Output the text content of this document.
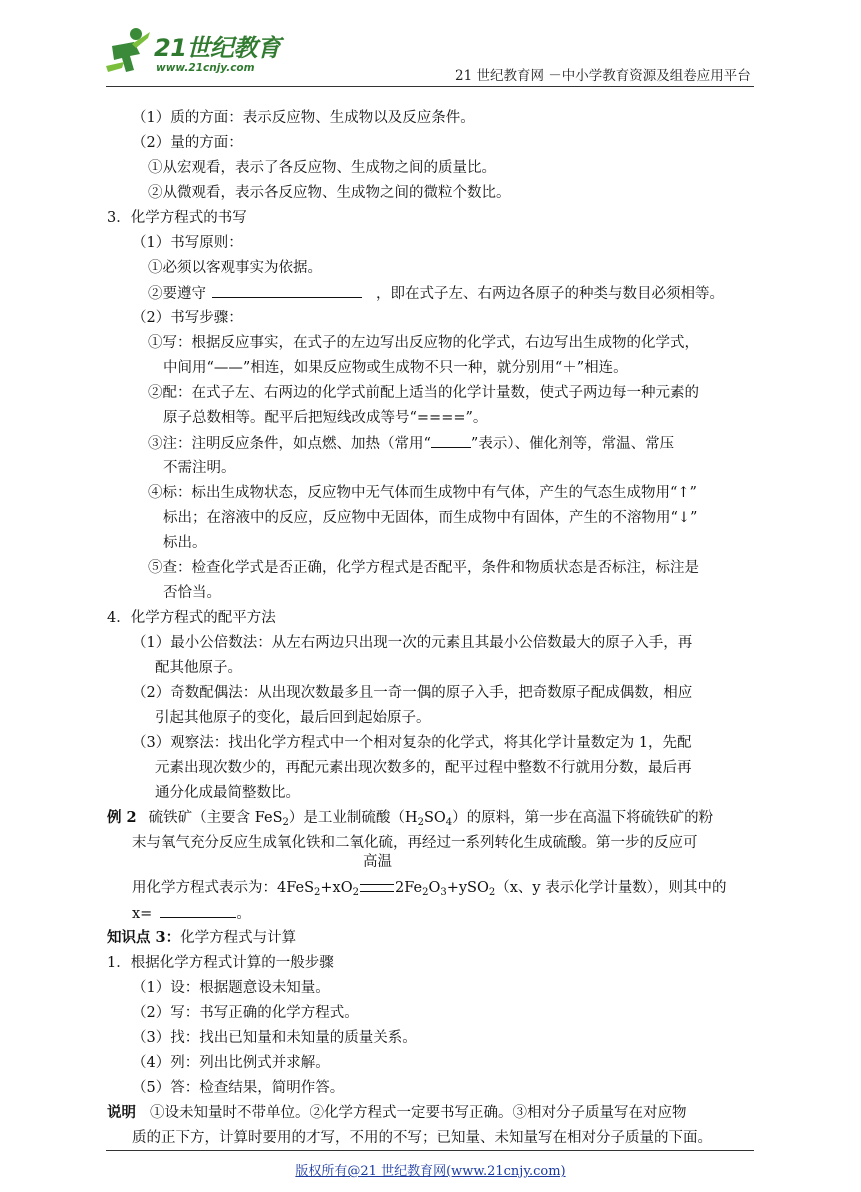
21世纪教育
www.21cnjy.com	21 世纪教育网 －中小学教育资源及组卷应用平台
（1）质的方面：表示反应物、生成物以及反应条件。
（2）量的方面：
①从宏观看，表示了各反应物、生成物之间的质量比。
②从微观看，表示各反应物、生成物之间的微粒个数比。
3．化学方程式的书写
（1）书写原则：
①必须以客观事实为依据。
②要遵守	，即在式子左、右两边各原子的种类与数目必须相等。
（2）书写步骤：
①写：根据反应事实，在式子的左边写出反应物的化学式，右边写出生成物的化学式，
中间用“——”相连，如果反应物或生成物不只一种，就分别用“＋”相连。
②配：在式子左、右两边的化学式前配上适当的化学计量数，使式子两边每一种元素的
原子总数相等。配平后把短线改成等号“====”。
③注：注明反应条件，如点燃、加热（常用“	”表示）、催化剂等，常温、常压
不需注明。
④标：标出生成物状态，反应物中无气体而生成物中有气体，产生的气态生成物用“↑”
标出；在溶液中的反应，反应物中无固体，而生成物中有固体，产生的不溶物用“↓”
标出。
⑤查：检查化学式是否正确，化学方程式是否配平，条件和物质状态是否标注，标注是
否恰当。
4．化学方程式的配平方法
（1）最小公倍数法：从左右两边只出现一次的元素且其最小公倍数最大的原子入手，再
配其他原子。
（2）奇数配偶法：从出现次数最多且一奇一偶的原子入手，把奇数原子配成偶数，相应
引起其他原子的变化，最后回到起始原子。
（3）观察法：找出化学方程式中一个相对复杂的化学式，将其化学计量数定为 1，先配
元素出现次数少的，再配元素出现次数多的，配平过程中整数不行就用分数，最后再
通分化成最简整数比。
例 2 硫铁矿（主要含 FeS$_2$）是工业制硫酸$(H_2SO_4)$的原料，第一步在高温下将硫铁矿的粉
末与氧气充分反应生成氧化铁和二氧化硫，再经过一系列转化生成硫酸。第一步的反应可
用化学方程式表示为：$4FeS_2+xO_2$
高温
$2Fe_2O_3+ySO_2(x$、y 表示化学计量数），则其中的
x=	。
知识点 3：化学方程式与计算
1．根据化学方程式计算的一般步骤
（1）设：根据题意设未知量。
（2）写：书写正确的化学方程式。
（3）找：找出已知量和未知量的质量关系。
（4）列：列出比例式并求解。
（5）答：检查结果，简明作答。
说明 ①设未知量时不带单位。②化学方程式一定要书写正确。③相对分子质量写在对应物
质的正下方，计算时要用的才写，不用的不写；已知量、未知量写在相对分子质量的下面。
版权所有@21 世纪教育网(www.21cnjy.com)
